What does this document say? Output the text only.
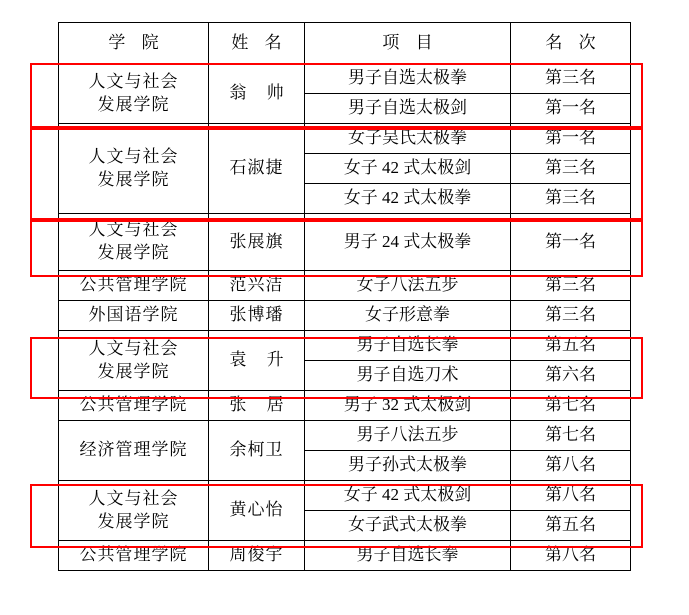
学 院	姓 名	项 目	名 次
人文与社会
发展学院	翁 帅	男子自选太极拳	第三名
		男子自选太极剑	第一名
人文与社会
发展学院	石淑捷	女子吴氏太极拳	第一名
		女子 42 式太极剑	第三名
		女子 42 式太极拳	第三名
人文与社会
发展学院	张展旗	男子 24 式太极拳	第一名
公共管理学院	范兴洁	女子八法五步	第三名
外国语学院	张博璠	女子形意拳	第三名
人文与社会
发展学院	袁 升	男子自选长拳	第五名
		男子自选刀术	第六名
公共管理学院	张 居	男子 32 式太极剑	第七名
经济管理学院	余柯卫	男子八法五步	第七名
		男子孙式太极拳	第八名
人文与社会
发展学院	黄心怡	女子 42 式太极剑	第八名
		女子武式太极拳	第五名
公共管理学院	周俊宇	男子自选长拳	第八名
